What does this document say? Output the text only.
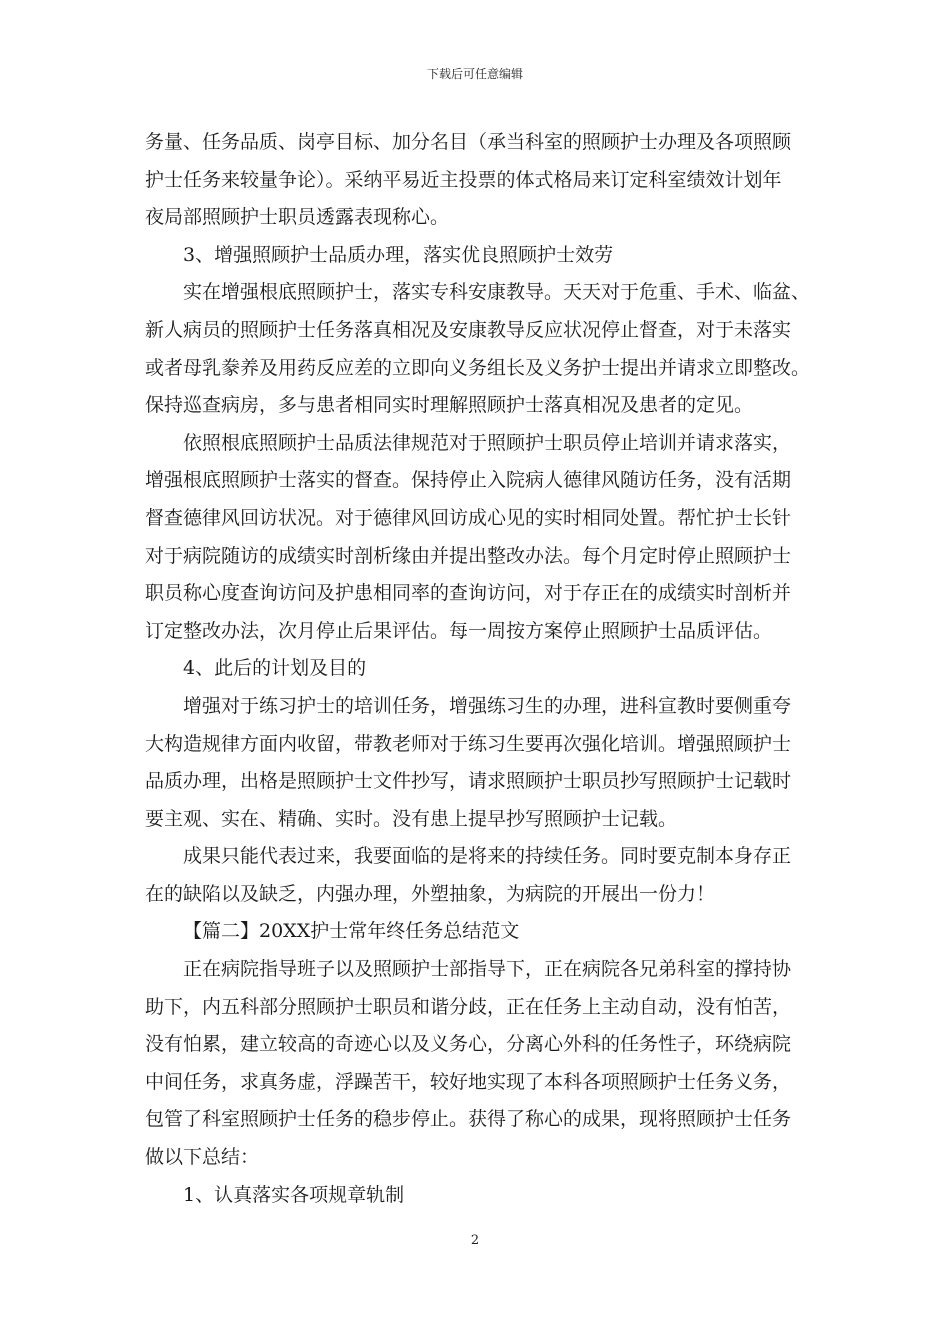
下载后可任意编辑
务量、任务品质、岗亭目标、加分名目（承当科室的照顾护士办理及各项照顾
护士任务来较量争论）。采纳平易近主投票的体式格局来订定科室绩效计划年
夜局部照顾护士职员透露表现称心。
3、增强照顾护士品质办理，落实优良照顾护士效劳
实在增强根底照顾护士，落实专科安康教导。天天对于危重、手术、临盆、
新人病员的照顾护士任务落真相况及安康教导反应状况停止督查，对于未落实
或者母乳豢养及用药反应差的立即向义务组长及义务护士提出并请求立即整改。
保持巡查病房，多与患者相同实时理解照顾护士落真相况及患者的定见。
依照根底照顾护士品质法律规范对于照顾护士职员停止培训并请求落实，
增强根底照顾护士落实的督查。保持停止入院病人德律风随访任务，没有活期
督查德律风回访状况。对于德律风回访成心见的实时相同处置。帮忙护士长针
对于病院随访的成绩实时剖析缘由并提出整改办法。每个月定时停止照顾护士
职员称心度查询访问及护患相同率的查询访问，对于存正在的成绩实时剖析并
订定整改办法，次月停止后果评估。每一周按方案停止照顾护士品质评估。
4、此后的计划及目的
增强对于练习护士的培训任务，增强练习生的办理，进科宣教时要侧重夸
大构造规律方面内收留，带教老师对于练习生要再次强化培训。增强照顾护士
品质办理，出格是照顾护士文件抄写，请求照顾护士职员抄写照顾护士记载时
要主观、实在、精确、实时。没有患上提早抄写照顾护士记载。
成果只能代表过来，我要面临的是将来的持续任务。同时要克制本身存正
在的缺陷以及缺乏，内强办理，外塑抽象，为病院的开展出一份力！
【篇二】20XX护士常年终任务总结范文
正在病院指导班子以及照顾护士部指导下，正在病院各兄弟科室的撑持协
助下，内五科部分照顾护士职员和谐分歧，正在任务上主动自动，没有怕苦，
没有怕累，建立较高的奇迹心以及义务心，分离心外科的任务性子，环绕病院
中间任务，求真务虚，浮躁苦干，较好地实现了本科各项照顾护士任务义务，
包管了科室照顾护士任务的稳步停止。获得了称心的成果，现将照顾护士任务
做以下总结：
1、认真落实各项规章轨制
2
